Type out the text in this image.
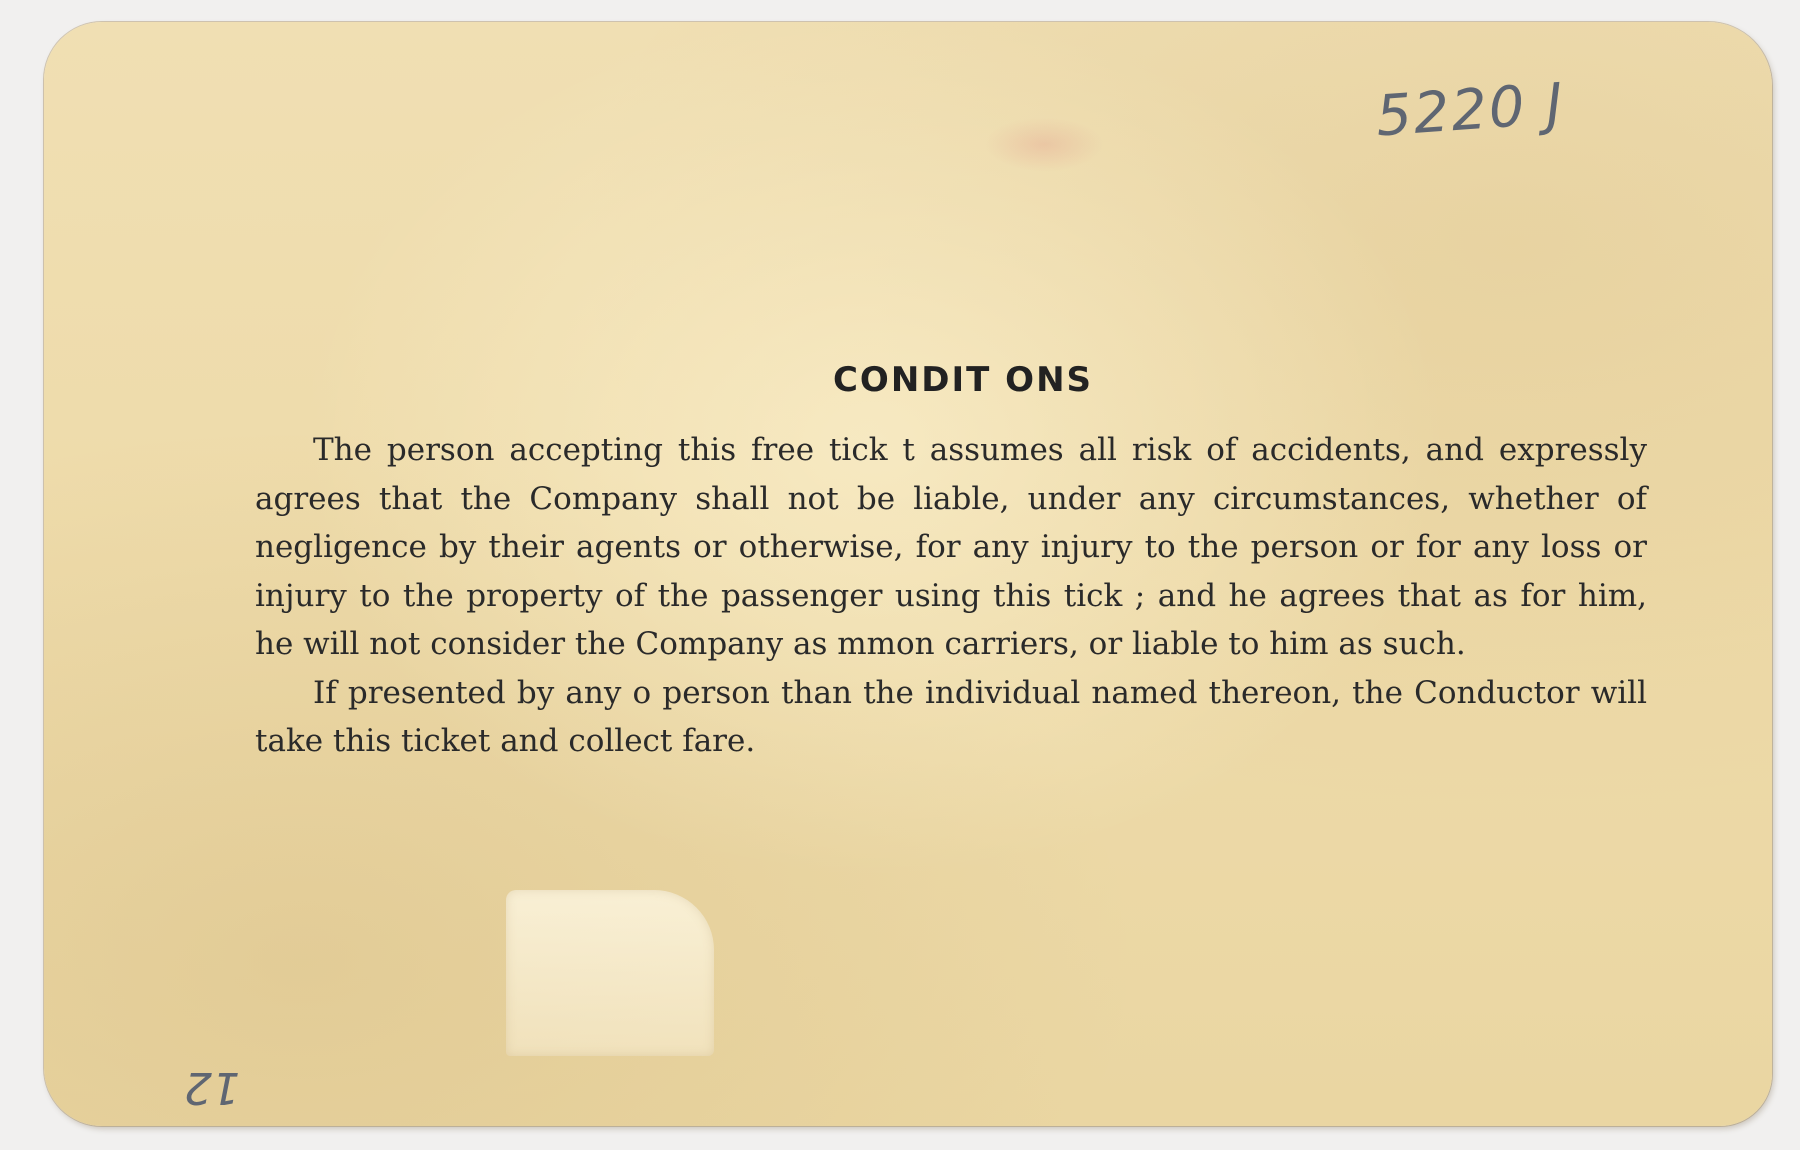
5220 J
12
CONDIT ONS

The person accepting this free tick t assumes all risk of accidents, and expressly agrees that the Company shall not be liable, under any circumstances, whether of negligence by their agents or otherwise, for any injury to the person or for any loss or injury to the property of the passenger using this tick ; and he agrees that as for him, he will not consider the Company as mmon carriers, or liable to him as such.

If presented by any o person than the individual named thereon, the Conductor will take this ticket and collect fare.
